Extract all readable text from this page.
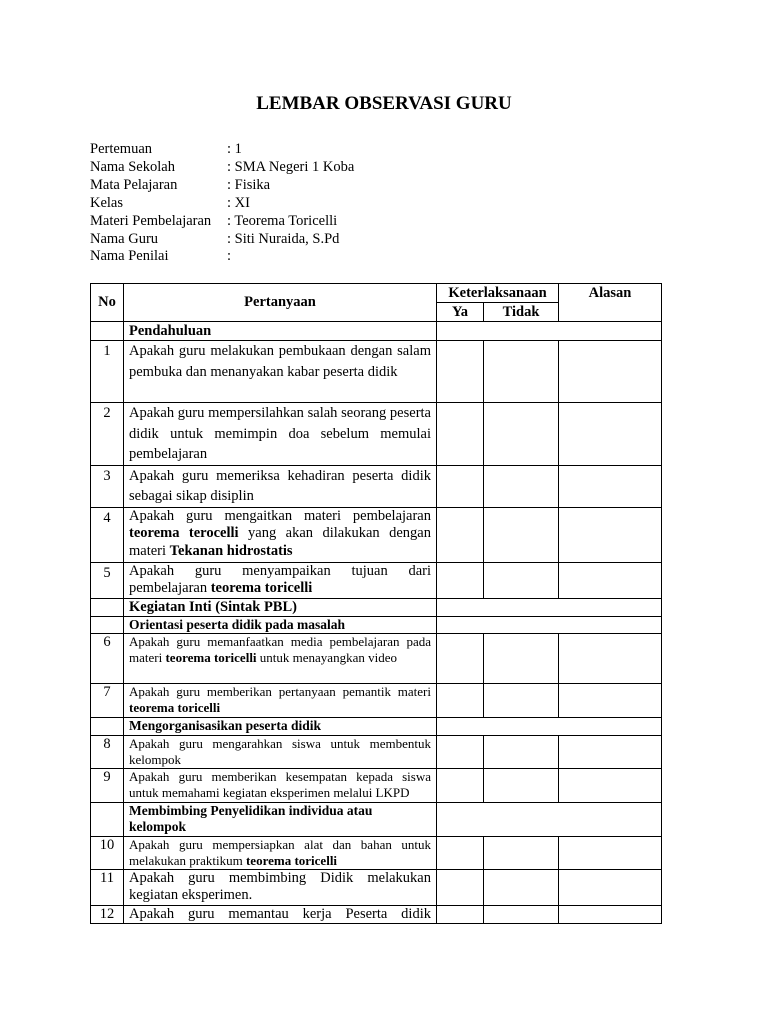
LEMBAR OBSERVASI GURU
Pertemuan	: 1
Nama Sekolah	: SMA Negeri 1 Koba
Mata Pelajaran	: Fisika
Kelas	: XI
Materi Pembelajaran	: Teorema Toricelli
Nama Guru	: Siti Nuraida, S.Pd
Nama Penilai	:
No	Pertanyaan	Keterlaksanaan		Alasan
		Ya	Tidak	
	Pendahuluan			
1	Apakah guru melakukan pembukaan dengan salam pembuka dan menanyakan kabar peserta didik			
2	Apakah guru mempersilahkan salah seorang peserta didik untuk memimpin doa sebelum memulai pembelajaran			
3	Apakah guru memeriksa kehadiran peserta didik sebagai sikap disiplin			
4	Apakah guru mengaitkan materi pembelajaran teorema terocelli yang akan dilakukan dengan materi Tekanan hidrostatis			
5	Apakah guru menyampaikan tujuan dari pembelajaran teorema toricelli			
	Kegiatan Inti (Sintak PBL)			
	Orientasi peserta didik pada masalah			
6	Apakah guru memanfaatkan media pembelajaran pada materi teorema toricelli untuk menayangkan video			
7	Apakah guru memberikan pertanyaan pemantik materi teorema toricelli			
	Mengorganisasikan peserta didik			
8	Apakah guru mengarahkan siswa untuk membentuk kelompok			
9	Apakah guru memberikan kesempatan kepada siswa untuk memahami kegiatan eksperimen melalui LKPD			
	Membimbing Penyelidikan individua atau kelompok			
10	Apakah guru mempersiapkan alat dan bahan untuk melakukan praktikum teorema toricelli			
11	Apakah guru membimbing Didik melakukan kegiatan eksperimen.			
12	Apakah guru memantau kerja Peserta didik			
